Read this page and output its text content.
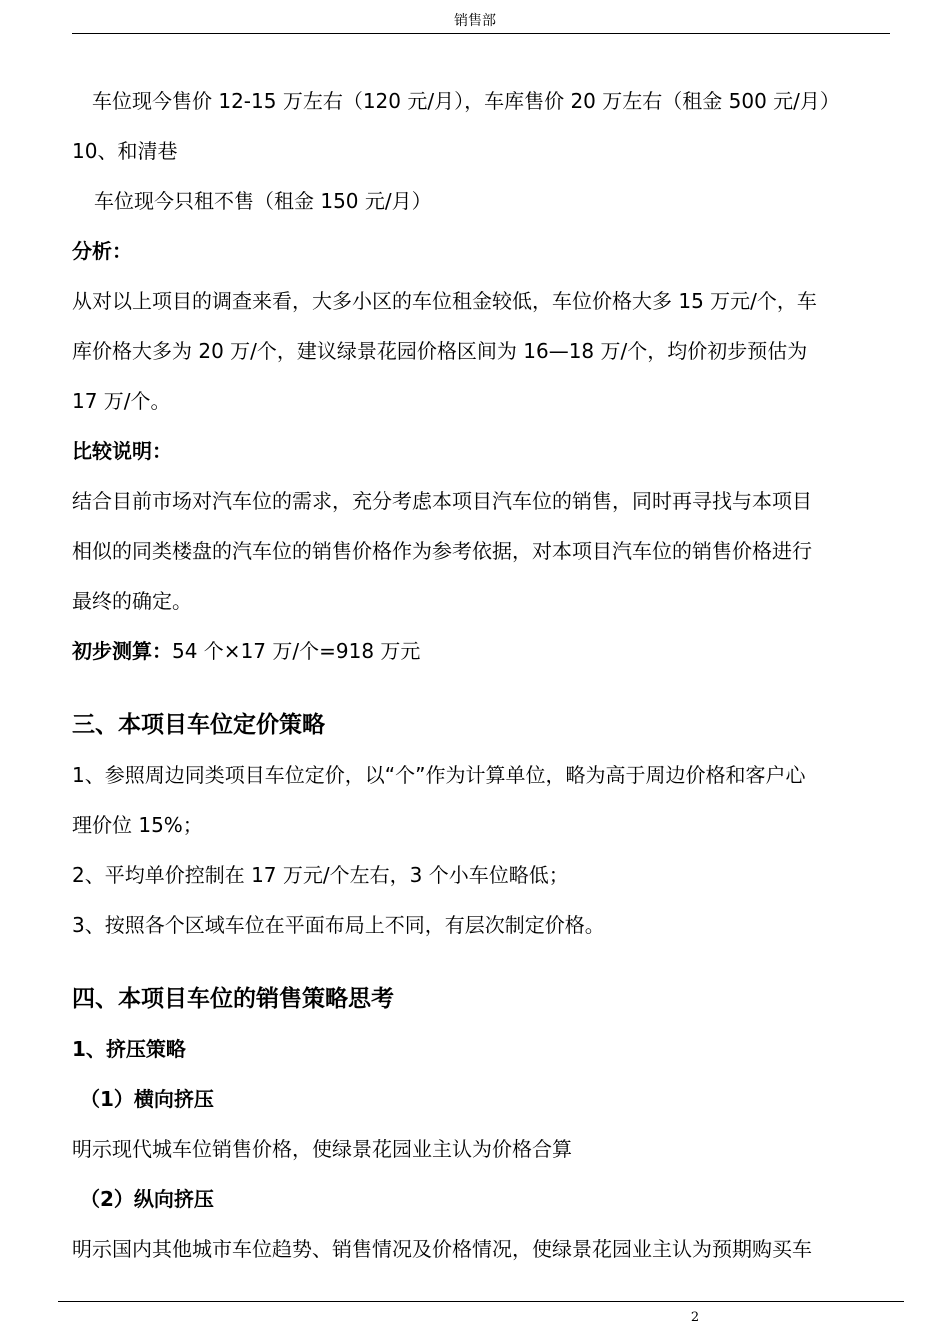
销售部
车位现今售价 12-15 万左右（120 元/月），车库售价 20 万左右（租金 500 元/月）
10、和清巷
车位现今只租不售（租金 150 元/月）
分析：
从对以上项目的调查来看，大多小区的车位租金较低，车位价格大多 15 万元/个，车
库价格大多为 20 万/个，建议绿景花园价格区间为 16—18 万/个，均价初步预估为
17 万/个。
比较说明：
结合目前市场对汽车位的需求，充分考虑本项目汽车位的销售，同时再寻找与本项目
相似的同类楼盘的汽车位的销售价格作为参考依据，对本项目汽车位的销售价格进行
最终的确定。
初步测算：54 个×17 万/个=918 万元
三、本项目车位定价策略
1、参照周边同类项目车位定价，以“个”作为计算单位，略为高于周边价格和客户心
理价位 15%；
2、平均单价控制在 17 万元/个左右，3 个小车位略低；
3、按照各个区域车位在平面布局上不同，有层次制定价格。
四、本项目车位的销售策略思考
1、挤压策略
（1）横向挤压
明示现代城车位销售价格，使绿景花园业主认为价格合算
（2）纵向挤压
明示国内其他城市车位趋势、销售情况及价格情况，使绿景花园业主认为预期购买车
2
